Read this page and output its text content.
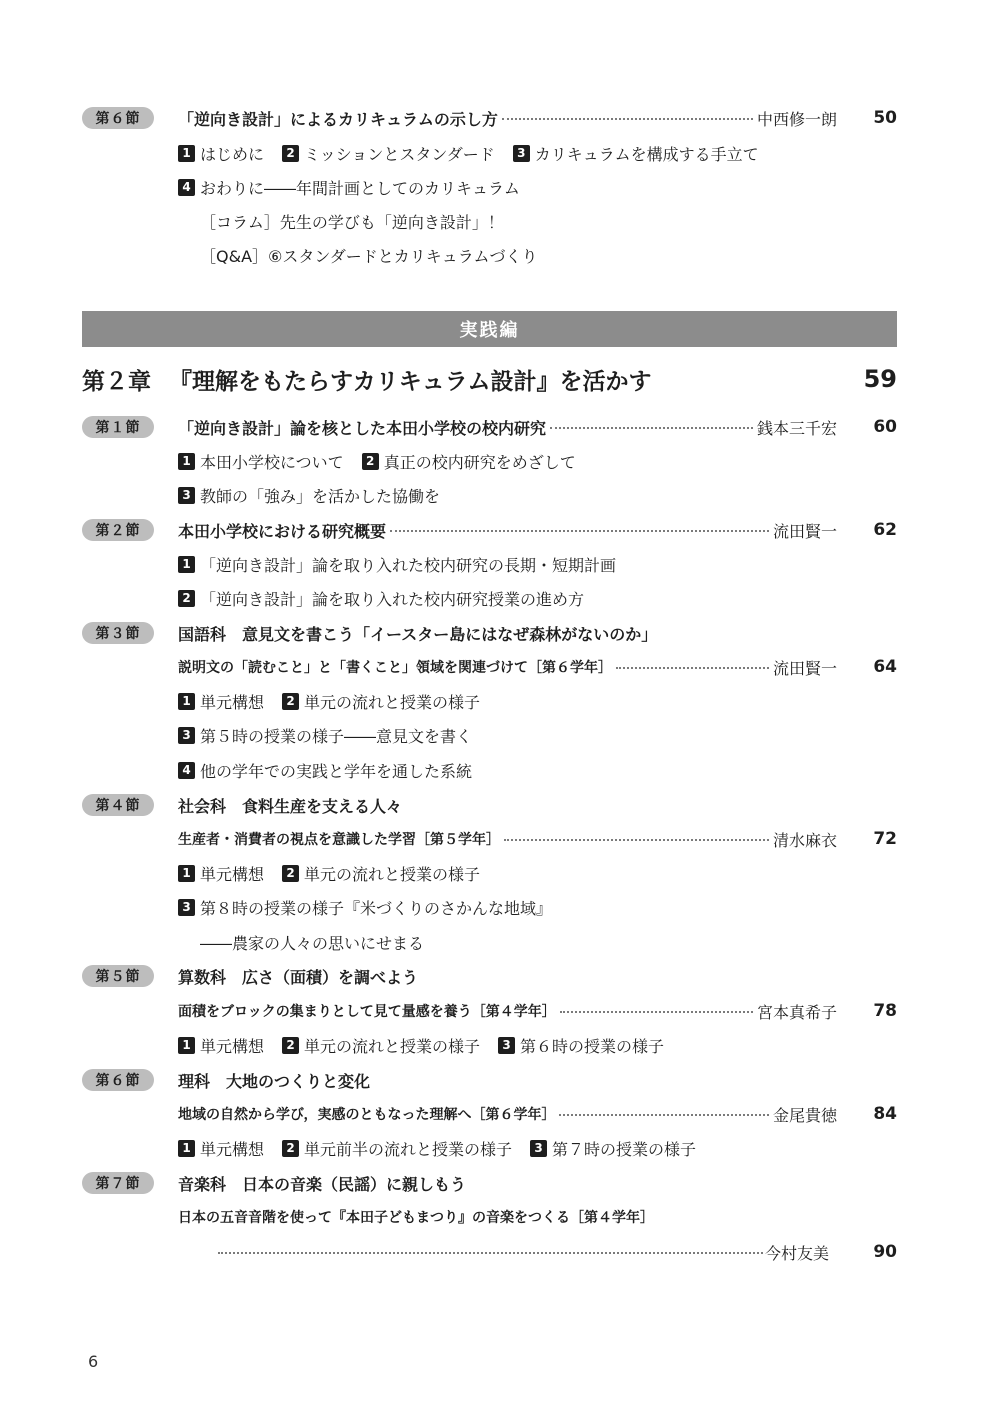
第６節	「逆向き設計」によるカリキュラムの示し方	中西修一朗 50
1 はじめに	2 ミッションとスタンダード	3 カリキュラムを構成する手立て
4 おわりに――年間計画としてのカリキュラム
［コラム］先生の学びも「逆向き設計」！
［Q&A］⑥スタンダードとカリキュラムづくり
実践編
第２章 『理解をもたらすカリキュラム設計』を活かす	59
第１節	「逆向き設計」論を核とした本田小学校の校内研究	銭本三千宏 60
1 本田小学校について	2 真正の校内研究をめざして
3 教師の「強み」を活かした協働を
第２節	本田小学校における研究概要	流田賢一 62
1 「逆向き設計」論を取り入れた校内研究の長期・短期計画
2 「逆向き設計」論を取り入れた校内研究授業の進め方
第３節	国語科　意見文を書こう「イースター島にはなぜ森林がないのか」
説明文の「読むこと」と「書くこと」領域を関連づけて［第６学年］	流田賢一 64
1 単元構想	2 単元の流れと授業の様子
3 第５時の授業の様子――意見文を書く
4 他の学年での実践と学年を通した系統
第４節	社会科　食料生産を支える人々
生産者・消費者の視点を意識した学習［第５学年］	清水麻衣 72
1 単元構想	2 単元の流れと授業の様子
3 第８時の授業の様子『米づくりのさかんな地域』
――農家の人々の思いにせまる
第５節	算数科　広さ（面積）を調べよう
面積をブロックの集まりとして見て量感を養う［第４学年］	宮本真希子 78
1 単元構想	2 単元の流れと授業の様子	3 第６時の授業の様子
第６節	理科　大地のつくりと変化
地域の自然から学び，実感のともなった理解へ［第６学年］	金尾貴徳 84
1 単元構想	2 単元前半の流れと授業の様子	3 第７時の授業の様子
第７節	音楽科　日本の音楽（民謡）に親しもう
日本の五音音階を使って『本田子どもまつり』の音楽をつくる［第４学年］
今村友美	90
6
